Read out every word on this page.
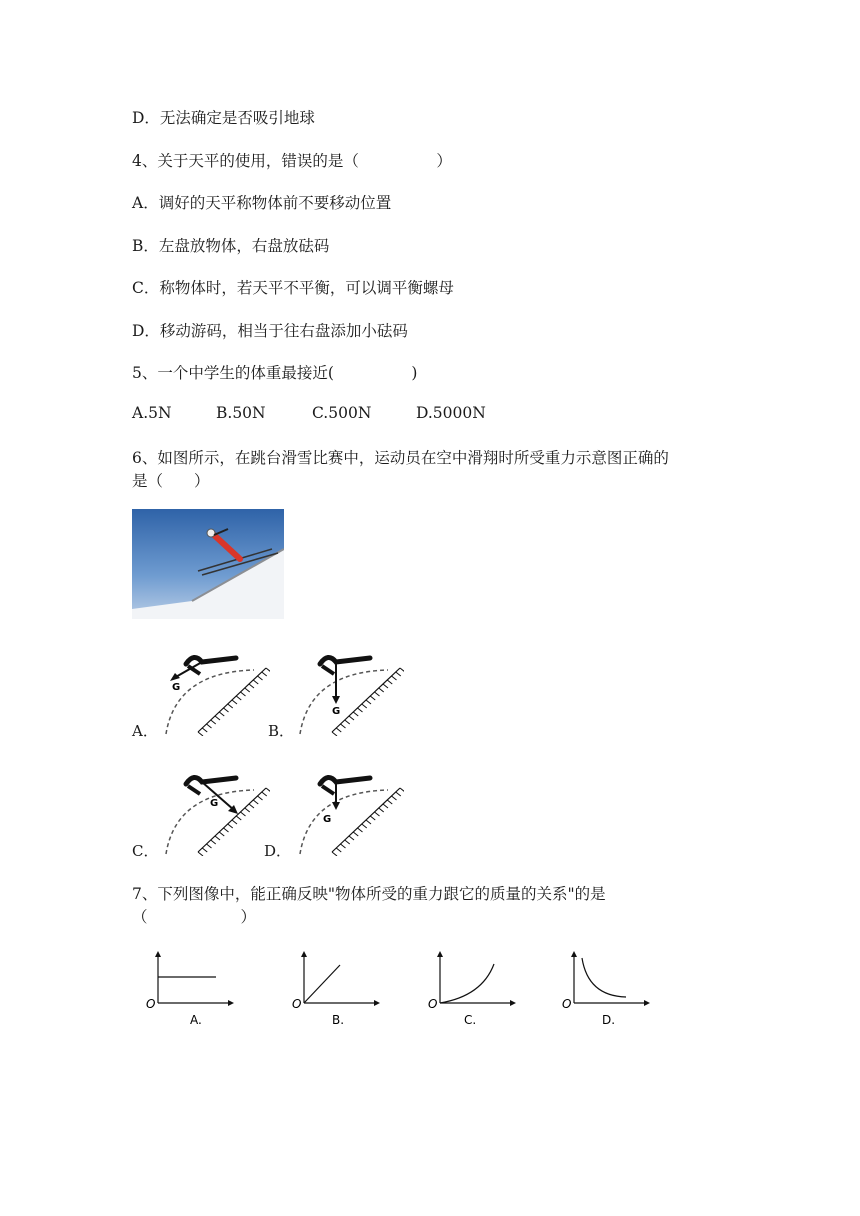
D．无法确定是否吸引地球
4、关于天平的使用，错误的是（　　　　　）
A．调好的天平称物体前不要移动位置
B．左盘放物体，右盘放砝码
C．称物体时，若天平不平衡，可以调平衡螺母
D．移动游码，相当于往右盘添加小砝码
5、一个中学生的体重最接近(　　　　　)
A.5N	B.50N	C.500N	D.5000N
6、如图所示，在跳台滑雪比赛中，运动员在空中滑翔时所受重力示意图正确的
是（　　）
G
G
G
G
A．	B．
C．	D．
7、下列图像中，能正确反映"物体所受的重力跟它的质量的关系"的是
（　　　　　　）
O
A.
O
B.
O
C.
O
D.
